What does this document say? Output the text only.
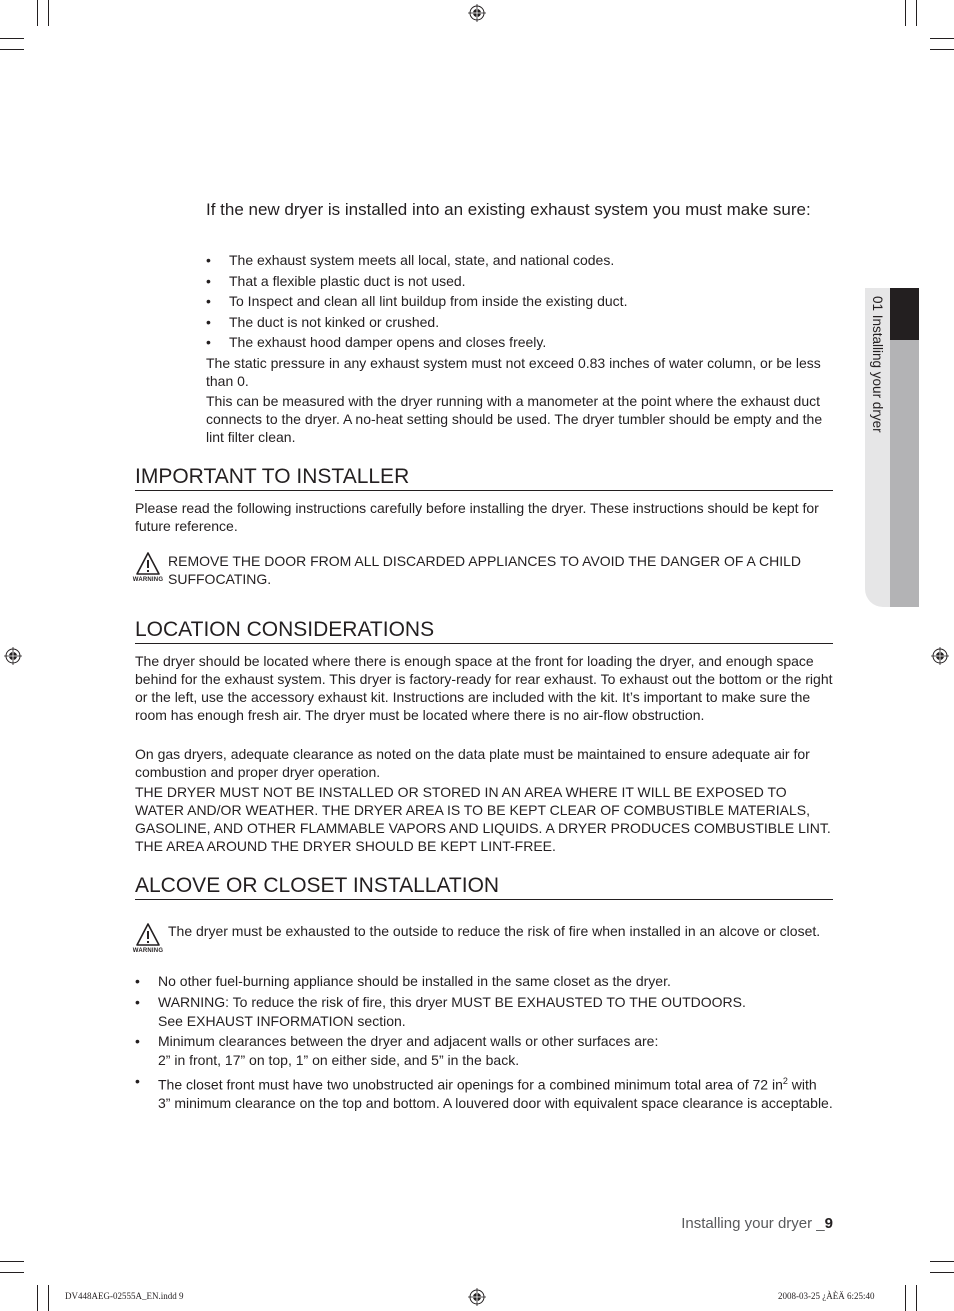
01 Installing your dryer
If the new dryer is installed into an existing exhaust system you must make sure:
• The exhaust system meets all local, state, and national codes.
• That a flexible plastic duct is not used.
• To Inspect and clean all lint buildup from inside the existing duct.
• The duct is not kinked or crushed.
• The exhaust hood damper opens and closes freely.

The static pressure in any exhaust system must not exceed 0.83 inches of water column, or be less than 0.

This can be measured with the dryer running with a manometer at the point where the exhaust duct connects to the dryer. A no-heat setting should be used. The dryer tumbler should be empty and the lint filter clean.

IMPORTANT TO INSTALLER

Please read the following instructions carefully before installing the dryer. These instructions should be kept for future reference.

WARNING

REMOVE THE DOOR FROM ALL DISCARDED APPLIANCES TO AVOID THE DANGER OF A CHILD SUFFOCATING.

LOCATION CONSIDERATIONS

The dryer should be located where there is enough space at the front for loading the dryer, and enough space behind for the exhaust system. This dryer is factory-ready for rear exhaust. To exhaust out the bottom or the right or the left, use the accessory exhaust kit. Instructions are included with the kit. It’s important to make sure the room has enough fresh air. The dryer must be located where there is no air-flow obstruction.

On gas dryers, adequate clearance as noted on the data plate must be maintained to ensure adequate air for combustion and proper dryer operation.

THE DRYER MUST NOT BE INSTALLED OR STORED IN AN AREA WHERE IT WILL BE EXPOSED TO WATER AND/OR WEATHER. THE DRYER AREA IS TO BE KEPT CLEAR OF COMBUSTIBLE MATERIALS, GASOLINE, AND OTHER FLAMMABLE VAPORS AND LIQUIDS. A DRYER PRODUCES COMBUSTIBLE LINT. THE AREA AROUND THE DRYER SHOULD BE KEPT LINT-FREE.

ALCOVE OR CLOSET INSTALLATION
WARNING

The dryer must be exhausted to the outside to reduce the risk of fire when installed in an alcove or closet.

• No other fuel-burning appliance should be installed in the same closet as the dryer.
• WARNING: To reduce the risk of fire, this dryer MUST BE EXHAUSTED TO THE OUTDOORS.
See EXHAUST INFORMATION section.
• Minimum clearances between the dryer and adjacent walls or other surfaces are:
2” in front, 17” on top, 1” on either side, and 5” in the back.
• The closet front must have two unobstructed air openings for a combined minimum total area of 72 $in^2$ with 3” minimum clearance on the top and bottom. A louvered door with equivalent space clearance is acceptable.
Installing your dryer _9
DV448AEG-02555A_EN.indd 9	2008-03-25 ¿ÀÈÄ 6:25:40
